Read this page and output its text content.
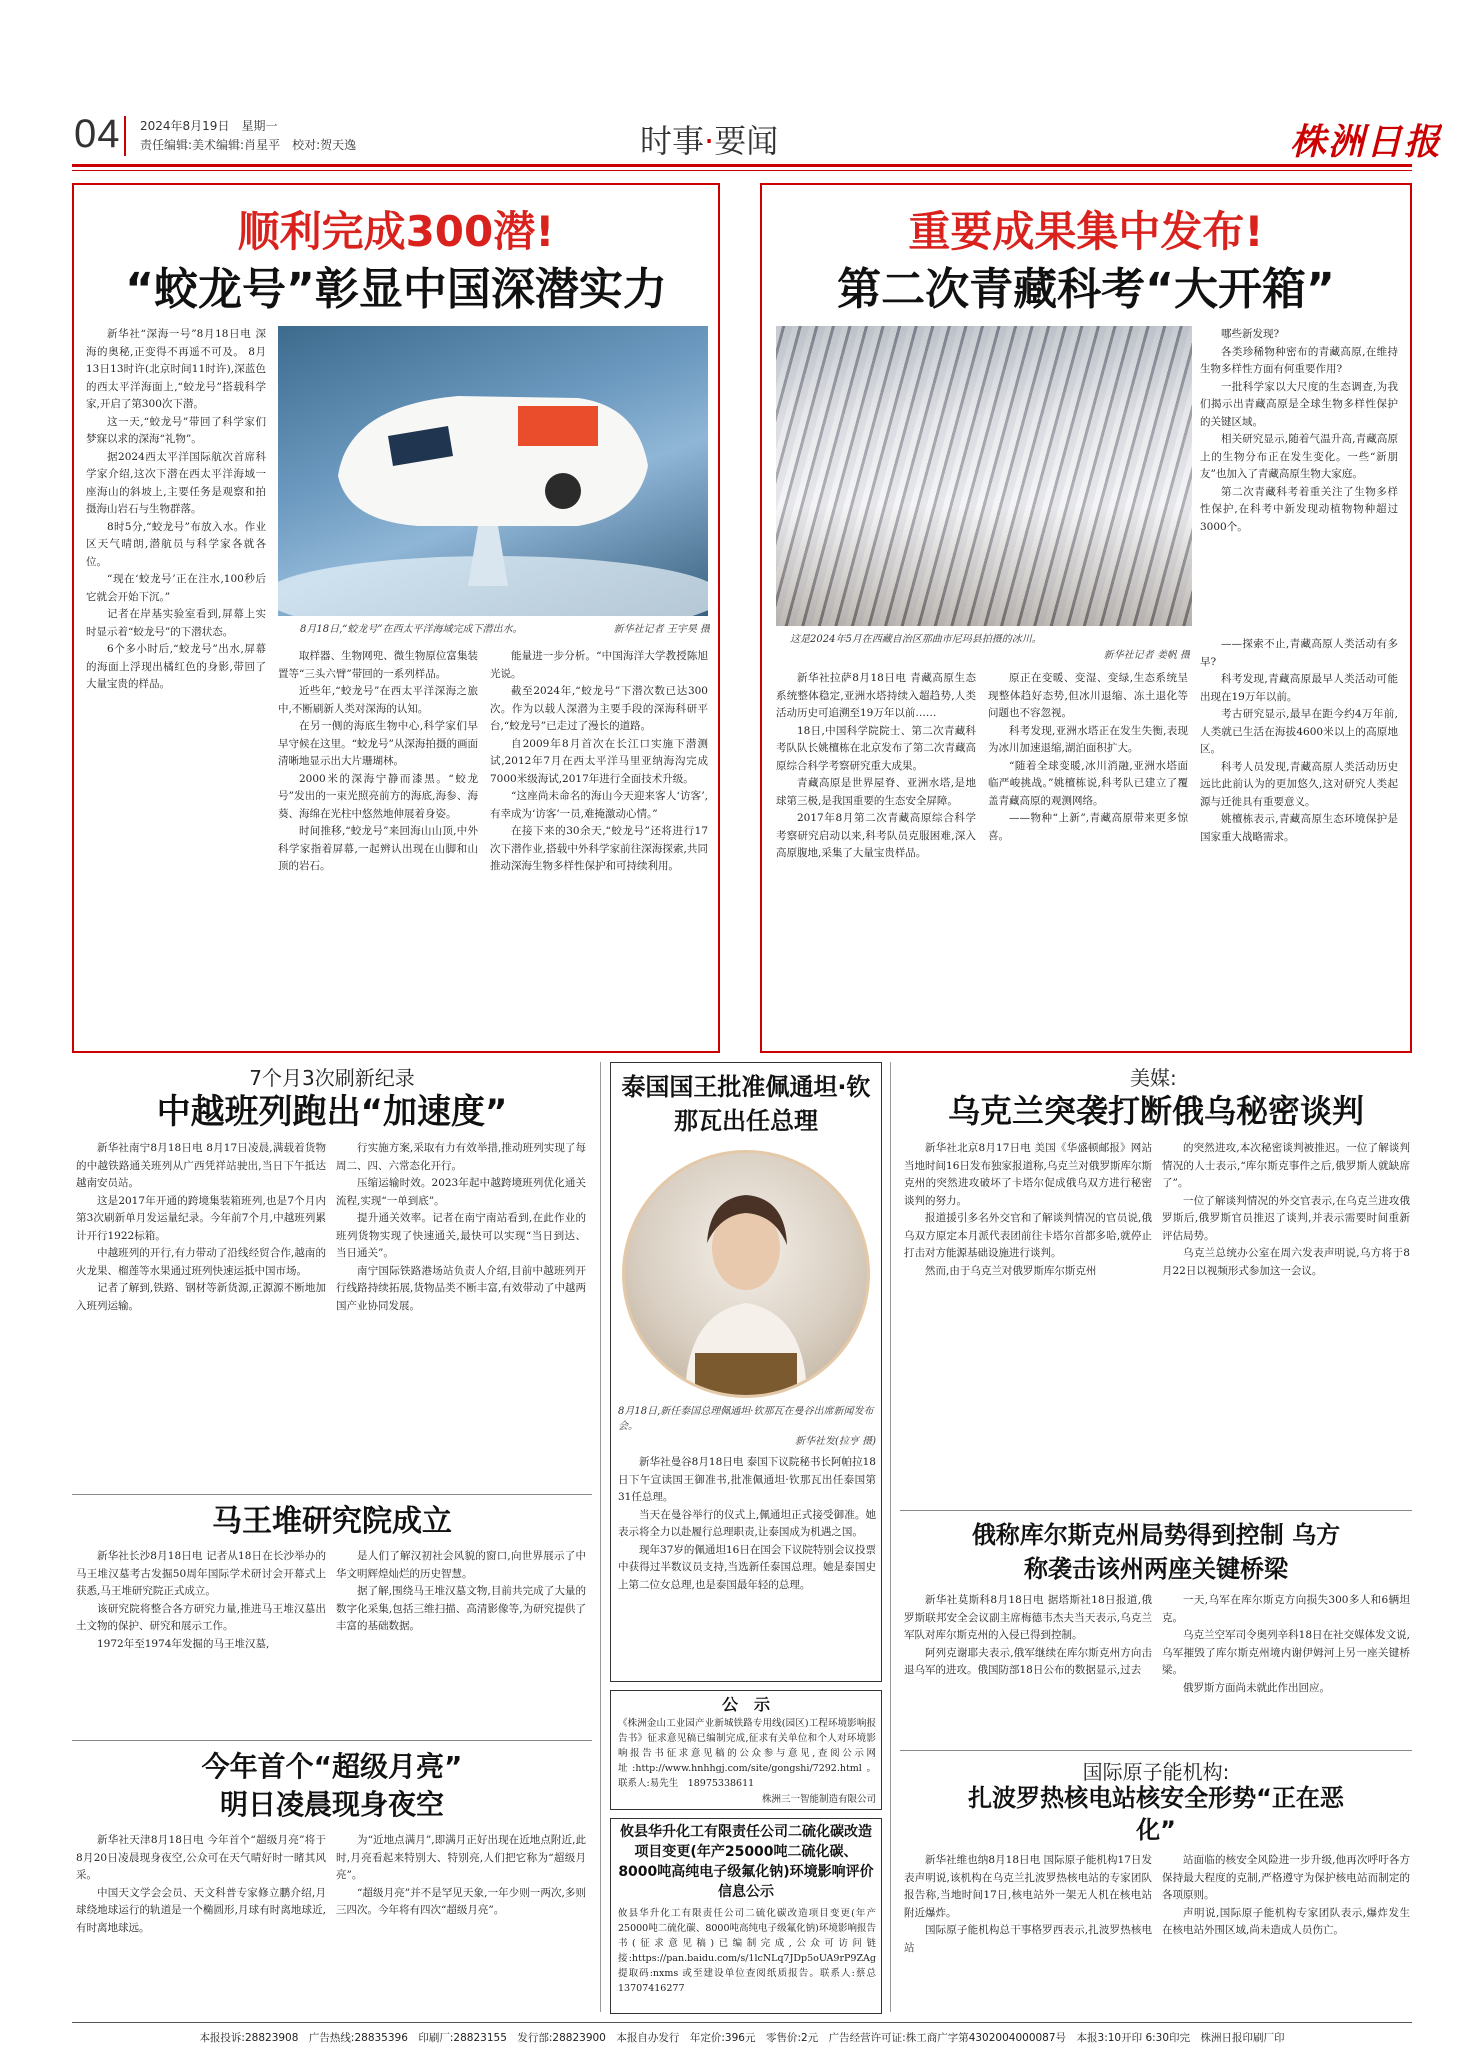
04 2024年8月19日　星期一
责任编辑:美术编辑:肖星平　校对:贺天逸	时事·要闻	株洲日报
顺利完成300潜!
“蛟龙号”彰显中国深潜实力

新华社“深海一号”8月18日电 深海的奥秘,正变得不再遥不可及。 8月13日13时许(北京时间11时许),深蓝色的西太平洋海面上,“蛟龙号”搭载科学家,开启了第300次下潜。

这一天,“蛟龙号”带回了科学家们梦寐以求的深海“礼物”。

据2024西太平洋国际航次首席科学家介绍,这次下潜在西太平洋海域一座海山的斜坡上,主要任务是观察和拍摄海山岩石与生物群落。

8时5分,“蛟龙号”布放入水。作业区天气晴朗,潜航员与科学家各就各位。

“现在‘蛟龙号’正在注水,100秒后它就会开始下沉。”

记者在岸基实验室看到,屏幕上实时显示着“蛟龙号”的下潜状态。

6个多小时后,“蛟龙号”出水,屏幕的海面上浮现出橘红色的身影,带回了大量宝贵的样品。

8月18日,“蛟龙号”在西太平洋海域完成下潜出水。	新华社记者 王宇昊 摄

取样器、生物网兜、微生物原位富集装置等“三头六臂”带回的一系列样品。

近些年,“蛟龙号”在西太平洋深海之旅中,不断刷新人类对深海的认知。

在另一侧的海底生物中心,科学家们早早守候在这里。“蛟龙号”从深海拍摄的画面清晰地显示出大片珊瑚林。

2000米的深海宁静而漆黑。“蛟龙号”发出的一束光照亮前方的海底,海参、海葵、海绵在光柱中悠然地伸展着身姿。

时间推移,“蛟龙号”来回海山山顶,中外科学家指着屏幕,一起辨认出现在山脚和山顶的岩石。

能量进一步分析。“中国海洋大学教授陈旭光说。

截至2024年,“蛟龙号”下潜次数已达300次。作为以载人深潜为主要手段的深海科研平台,“蛟龙号”已走过了漫长的道路。

自2009年8月首次在长江口实施下潜测试,2012年7月在西太平洋马里亚纳海沟完成7000米级海试,2017年进行全面技术升级。

“这座尚未命名的海山今天迎来客人‘访客’,有幸成为‘访客’一员,难掩激动心情。”

在接下来的30余天,“蛟龙号”还将进行17次下潜作业,搭载中外科学家前往深海探索,共同推动深海生物多样性保护和可持续利用。

重要成果集中发布!
第二次青藏科考“大开箱”
这是2024年5月在西藏自治区那曲市尼玛县拍摄的冰川。
新华社记者 姜帆 摄

哪些新发现?

各类珍稀物种密布的青藏高原,在维持生物多样性方面有何重要作用?

一批科学家以大尺度的生态调查,为我们揭示出青藏高原是全球生物多样性保护的关键区域。

相关研究显示,随着气温升高,青藏高原上的生物分布正在发生变化。一些“新朋友”也加入了青藏高原生物大家庭。

第二次青藏科考着重关注了生物多样性保护,在科考中新发现动植物物种超过3000个。

——探索不止,青藏高原人类活动有多早?

科考发现,青藏高原最早人类活动可能出现在19万年以前。

考古研究显示,最早在距今约4万年前,人类就已生活在海拔4600米以上的高原地区。

科考人员发现,青藏高原人类活动历史远比此前认为的更加悠久,这对研究人类起源与迁徙具有重要意义。

姚檀栋表示,青藏高原生态环境保护是国家重大战略需求。

新华社拉萨8月18日电 青藏高原生态系统整体稳定,亚洲水塔持续入超趋势,人类活动历史可追溯至19万年以前……

18日,中国科学院院士、第二次青藏科考队队长姚檀栋在北京发布了第二次青藏高原综合科学考察研究重大成果。

青藏高原是世界屋脊、亚洲水塔,是地球第三极,是我国重要的生态安全屏障。

2017年8月第二次青藏高原综合科学考察研究启动以来,科考队员克服困难,深入高原腹地,采集了大量宝贵样品。

原正在变暖、变湿、变绿,生态系统呈现整体趋好态势,但冰川退缩、冻土退化等问题也不容忽视。

科考发现,亚洲水塔正在发生失衡,表现为冰川加速退缩,湖泊面积扩大。

“随着全球变暖,冰川消融,亚洲水塔面临严峻挑战。”姚檀栋说,科考队已建立了覆盖青藏高原的观测网络。

——物种“上新”,青藏高原带来更多惊喜。

7个月3次刷新纪录
中越班列跑出“加速度”

新华社南宁8月18日电 8月17日凌晨,满载着货物的中越铁路通关班列从广西凭祥站驶出,当日下午抵达越南安员站。

这是2017年开通的跨境集装箱班列,也是7个月内第3次刷新单月发运量纪录。今年前7个月,中越班列累计开行1922标箱。

中越班列的开行,有力带动了沿线经贸合作,越南的火龙果、榴莲等水果通过班列快速运抵中国市场。

记者了解到,铁路、钢材等新货源,正源源不断地加入班列运输。

行实施方案,采取有力有效举措,推动班列实现了每周二、四、六常态化开行。

压缩运输时效。2023年起中越跨境班列优化通关流程,实现“一单到底”。

提升通关效率。记者在南宁南站看到,在此作业的班列货物实现了快速通关,最快可以实现“当日到达、当日通关”。

南宁国际铁路港场站负责人介绍,目前中越班列开行线路持续拓展,货物品类不断丰富,有效带动了中越两国产业协同发展。

马王堆研究院成立

新华社长沙8月18日电 记者从18日在长沙举办的马王堆汉墓考古发掘50周年国际学术研讨会开幕式上获悉,马王堆研究院正式成立。

该研究院将整合各方研究力量,推进马王堆汉墓出土文物的保护、研究和展示工作。

1972年至1974年发掘的马王堆汉墓,

是人们了解汉初社会风貌的窗口,向世界展示了中华文明辉煌灿烂的历史智慧。

据了解,围绕马王堆汉墓文物,目前共完成了大量的数字化采集,包括三维扫描、高清影像等,为研究提供了丰富的基础数据。

今年首个“超级月亮”
明日凌晨现身夜空

新华社天津8月18日电 今年首个“超级月亮”将于8月20日凌晨现身夜空,公众可在天气晴好时一睹其风采。

中国天文学会会员、天文科普专家修立鹏介绍,月球绕地球运行的轨道是一个椭圆形,月球有时离地球近,有时离地球远。

为“近地点满月”,即满月正好出现在近地点附近,此时,月亮看起来特别大、特别亮,人们把它称为“超级月亮”。

“超级月亮”并不是罕见天象,一年少则一两次,多则三四次。今年将有四次“超级月亮”。

泰国国王批准佩通坦·钦那瓦出任总理
8月18日,新任泰国总理佩通坦·钦那瓦在曼谷出席新闻发布会。
新华社发(拉亨 摄)

新华社曼谷8月18日电 泰国下议院秘书长阿帕拉18日下午宣读国王御准书,批准佩通坦·钦那瓦出任泰国第31任总理。

当天在曼谷举行的仪式上,佩通坦正式接受御准。她表示将全力以赴履行总理职责,让泰国成为机遇之国。

现年37岁的佩通坦16日在国会下议院特别会议投票中获得过半数议员支持,当选新任泰国总理。她是泰国史上第二位女总理,也是泰国最年轻的总理。

公　示
《株洲金山工业园产业新城铁路专用线(园区)工程环境影响报告书》征求意见稿已编制完成,征求有关单位和个人对环境影响报告书征求意见稿的公众参与意见,查阅公示网址:http://www.hnhhgj.com/site/gongshi/7292.html。联系人:易先生　18975338611
株洲三一智能制造有限公司
攸县华升化工有限责任公司二硫化碳改造项目变更(年产25000吨二硫化碳、8000吨高纯电子级氟化钠)环境影响评价信息公示
攸县华升化工有限责任公司二硫化碳改造项目变更(年产25000吨二硫化碳、8000吨高纯电子级氟化钠)环境影响报告书(征求意见稿)已编制完成,公众可访问链接:https://pan.baidu.com/s/1lcNLq7JDp5oUA9rP9ZAg 提取码:nxms 或至建设单位查阅纸质报告。联系人:蔡总 13707416277
美媒:
乌克兰突袭打断俄乌秘密谈判

新华社北京8月17日电 美国《华盛顿邮报》网站当地时间16日发布独家报道称,乌克兰对俄罗斯库尔斯克州的突然进攻破坏了卡塔尔促成俄乌双方进行秘密谈判的努力。

报道援引多名外交官和了解谈判情况的官员说,俄乌双方原定本月派代表团前往卡塔尔首都多哈,就停止打击对方能源基础设施进行谈判。

然而,由于乌克兰对俄罗斯库尔斯克州

的突然进攻,本次秘密谈判被推迟。一位了解谈判情况的人士表示,“库尔斯克事件之后,俄罗斯人就缺席了”。

一位了解谈判情况的外交官表示,在乌克兰进攻俄罗斯后,俄罗斯官员推迟了谈判,并表示需要时间重新评估局势。

乌克兰总统办公室在周六发表声明说,乌方将于8月22日以视频形式参加这一会议。

俄称库尔斯克州局势得到控制 乌方称袭击该州两座关键桥梁

新华社莫斯科8月18日电 据塔斯社18日报道,俄罗斯联邦安全会议副主席梅德韦杰夫当天表示,乌克兰军队对库尔斯克州的入侵已得到控制。

阿列克谢耶夫表示,俄军继续在库尔斯克州方向击退乌军的进攻。俄国防部18日公布的数据显示,过去

一天,乌军在库尔斯克方向损失300多人和6辆坦克。

乌克兰空军司令奥列辛科18日在社交媒体发文说,乌军摧毁了库尔斯克州境内谢伊姆河上另一座关键桥梁。

俄罗斯方面尚未就此作出回应。

国际原子能机构:
扎波罗热核电站核安全形势“正在恶化”

新华社维也纳8月18日电 国际原子能机构17日发表声明说,该机构在乌克兰扎波罗热核电站的专家团队报告称,当地时间17日,核电站外一架无人机在核电站附近爆炸。

国际原子能机构总干事格罗西表示,扎波罗热核电站

站面临的核安全风险进一步升级,他再次呼吁各方保持最大程度的克制,严格遵守为保护核电站而制定的各项原则。

声明说,国际原子能机构专家团队表示,爆炸发生在核电站外围区域,尚未造成人员伤亡。

本报投诉:28823908　广告热线:28835396　印刷厂:28823155　发行部:28823900　本报自办发行　年定价:396元　零售价:2元　广告经营许可证:株工商广字第4302004000087号　本报3:10开印 6:30印完　株洲日报印刷厂印
